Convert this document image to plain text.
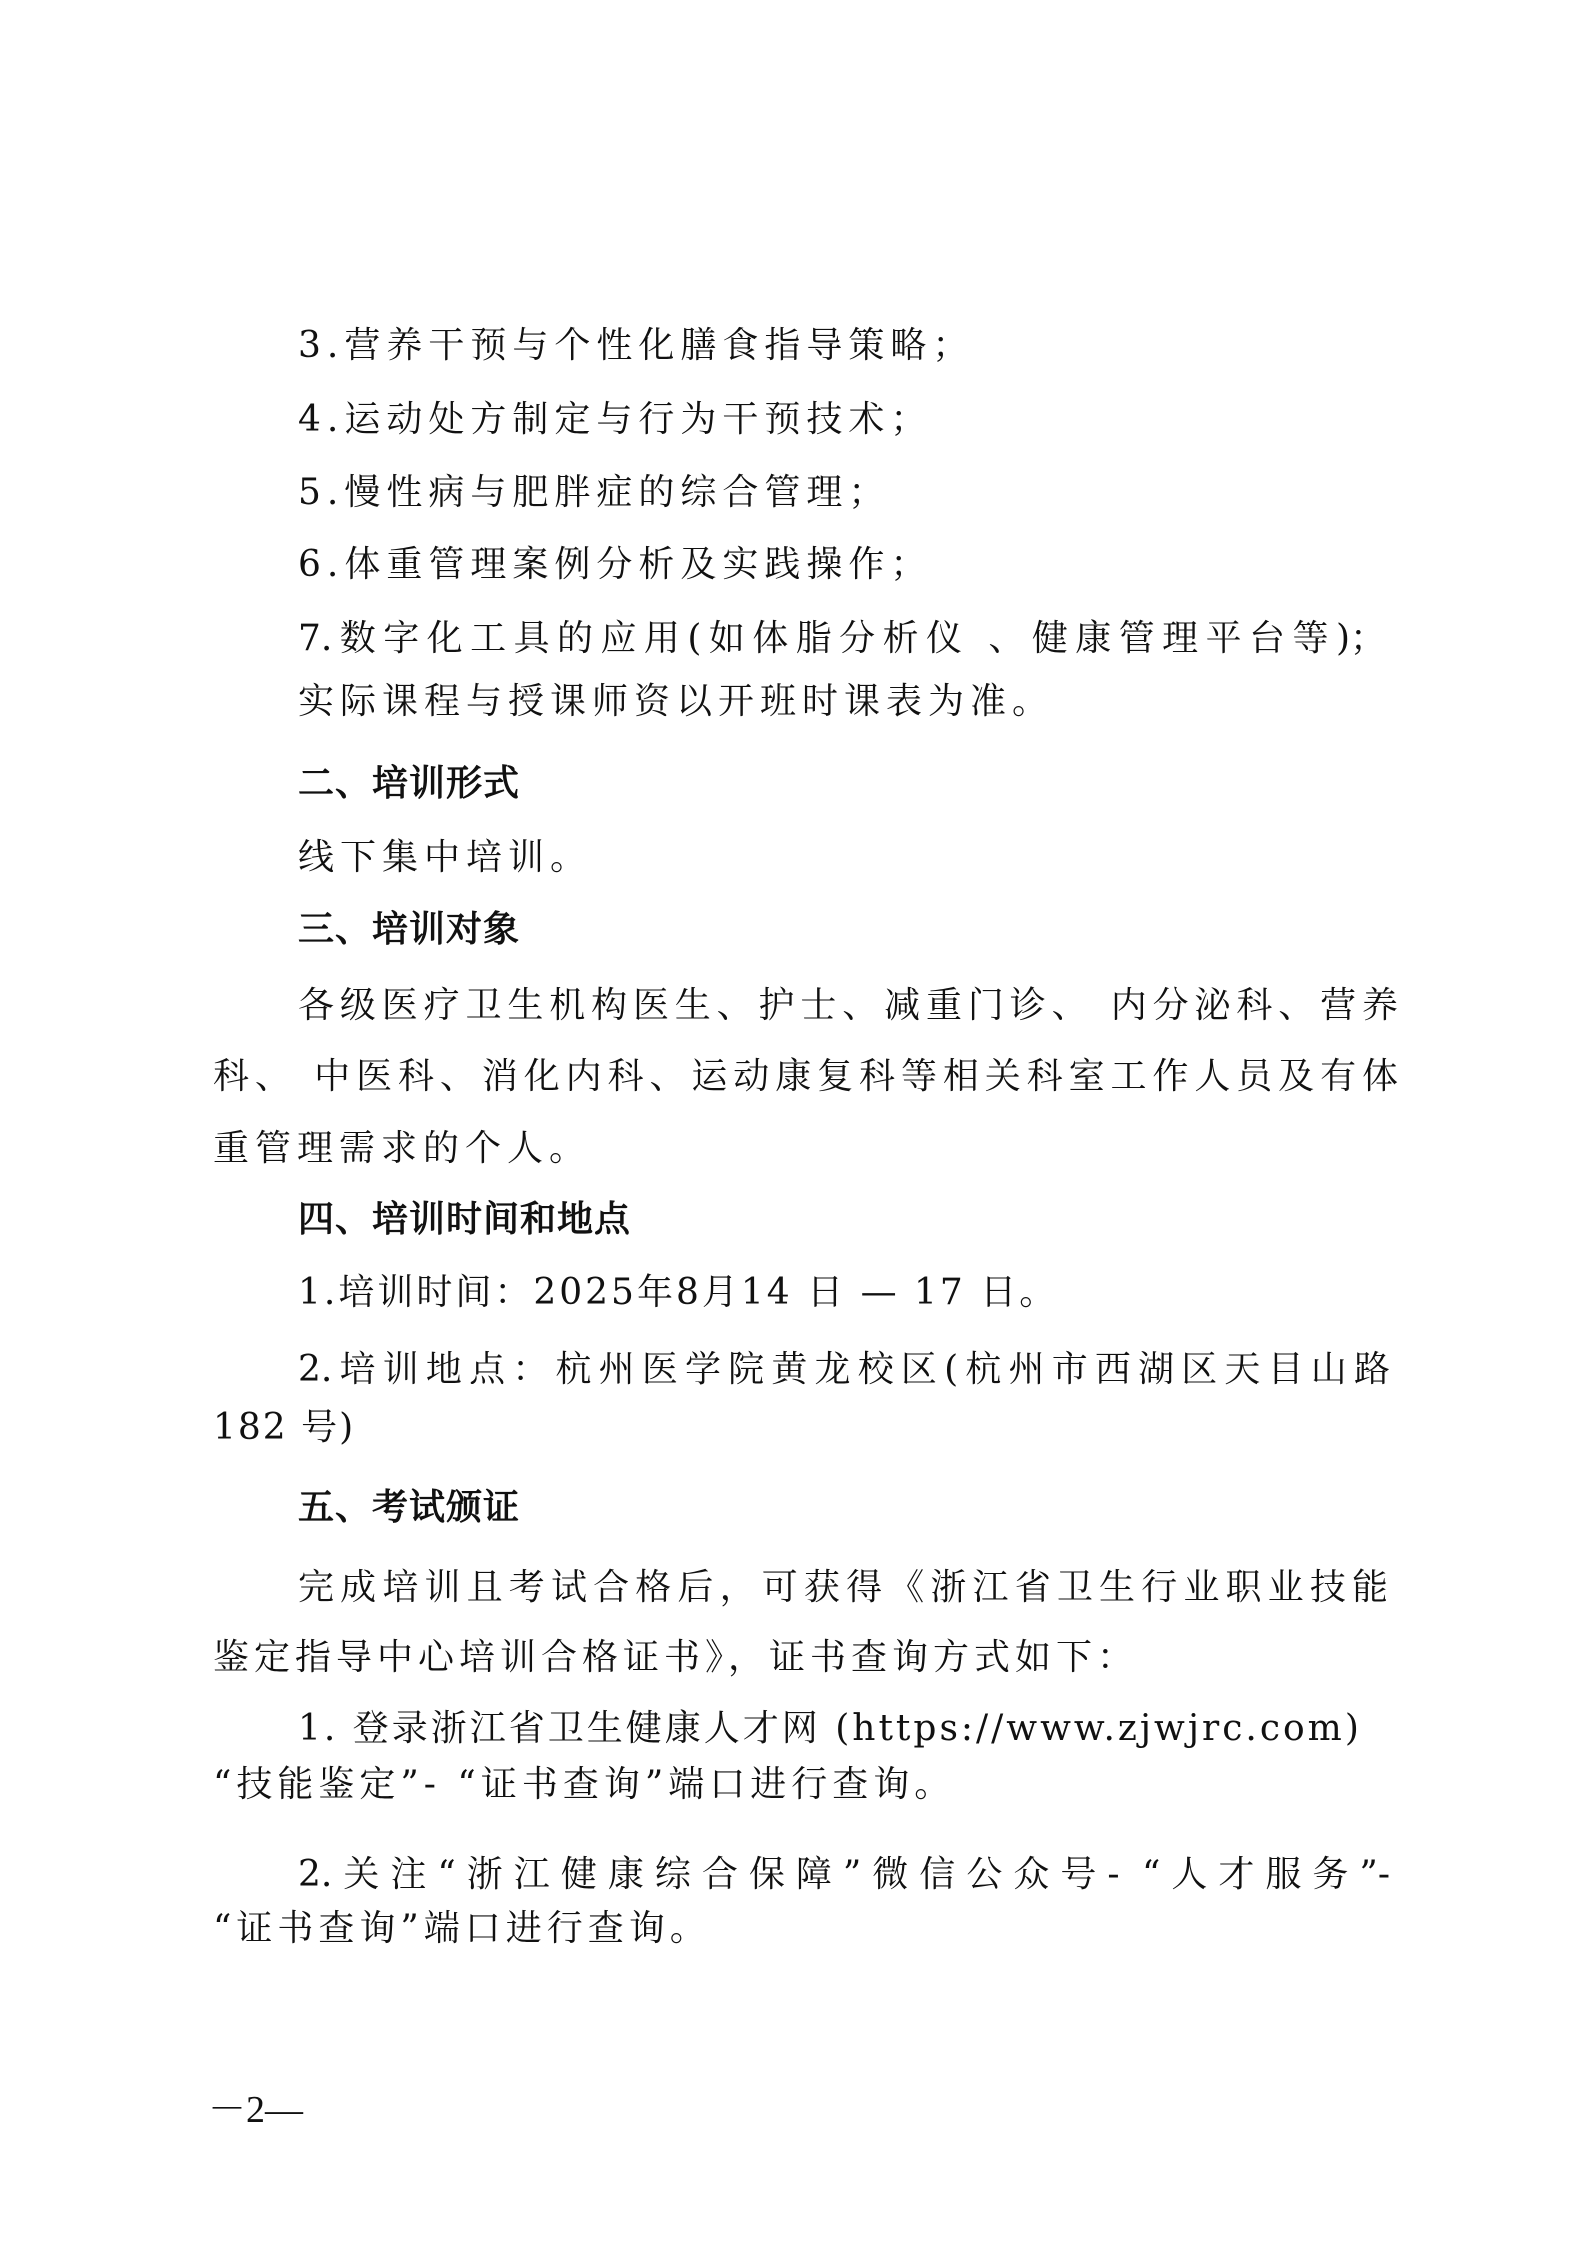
3.营养干预与个性化膳食指导策略；
4.运动处方制定与行为干预技术；
5.慢性病与肥胖症的综合管理；
6.体重管理案例分析及实践操作；
7.数字化工具的应用(如体脂分析仪 、健康管理平台等)；
实际课程与授课师资以开班时课表为准。
二、培训形式
线下集中培训。
三、培训对象
各级医疗卫生机构医生、护士、减重门诊、 内分泌科、营养
科、 中医科、消化内科、运动康复科等相关科室工作人员及有体
重管理需求的个人。
四、培训时间和地点
1.培训时间：2025年8月14 日 — 17 日。
2.培训地点：杭州医学院黄龙校区(杭州市西湖区天目山路
182 号)
五、考试颁证
完成培训且考试合格后，可获得《浙江省卫生行业职业技能
鉴定指导中心培训合格证书》，证书查询方式如下：
1. 登录浙江省卫生健康人才网 (https://www.zjwjrc.com)
“技能鉴定”- “证书查询”端口进行查询。
2.关注“浙江健康综合保障”微信公众号- “人才服务”-
“证书查询”端口进行查询。
－2—
